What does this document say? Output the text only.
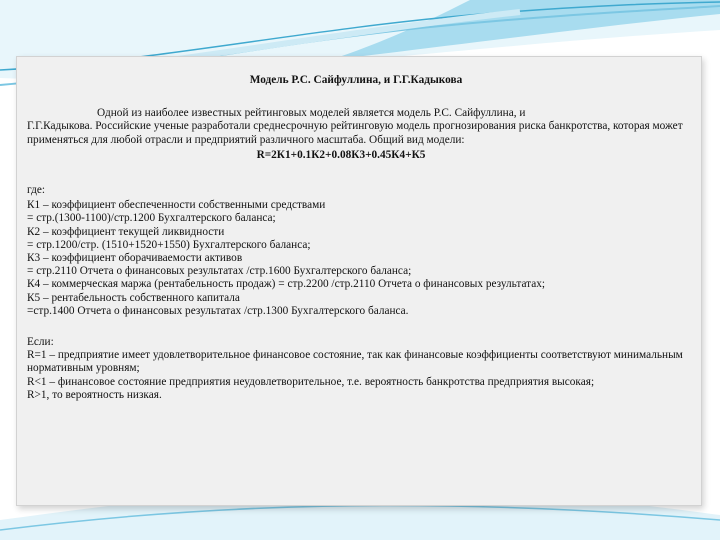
Модель Р.С. Сайфуллина, и Г.Г.Кадыкова

Одной из наиболее известных рейтинговых моделей является модель Р.С. Сайфуллина, и

Г.Г.Кадыкова. Российские ученые разработали среднесрочную рейтинговую модель прогнозирования риска банкротства, которая может применяться для любой отрасли и предприятий различного масштаба. Общий вид модели:

R=2К1+0.1К2+0.08К3+0.45К4+К5

где:

К1 – коэффициент обеспеченности собственными средствами

= стр.(1300-1100)/стр.1200 Бухгалтерского баланса;

К2 – коэффициент текущей ликвидности

= стр.1200/стр. (1510+1520+1550) Бухгалтерского баланса;

К3 – коэффициент оборачиваемости активов

= стр.2110 Отчета о финансовых результатах /стр.1600 Бухгалтерского баланса;

К4 – коммерческая маржа (рентабельность продаж) = стр.2200 /стр.2110 Отчета о финансовых результатах;

К5 – рентабельность собственного капитала

=стр.1400 Отчета о финансовых результатах /стр.1300 Бухгалтерского баланса.

Если:

R=1 – предприятие имеет удовлетворительное финансовое состояние, так как финансовые коэффициенты соответствуют минимальным нормативным уровням;

R<1 – финансовое состояние предприятия неудовлетворительное, т.е. вероятность банкротства предприятия высокая;

R>1, то вероятность низкая.
